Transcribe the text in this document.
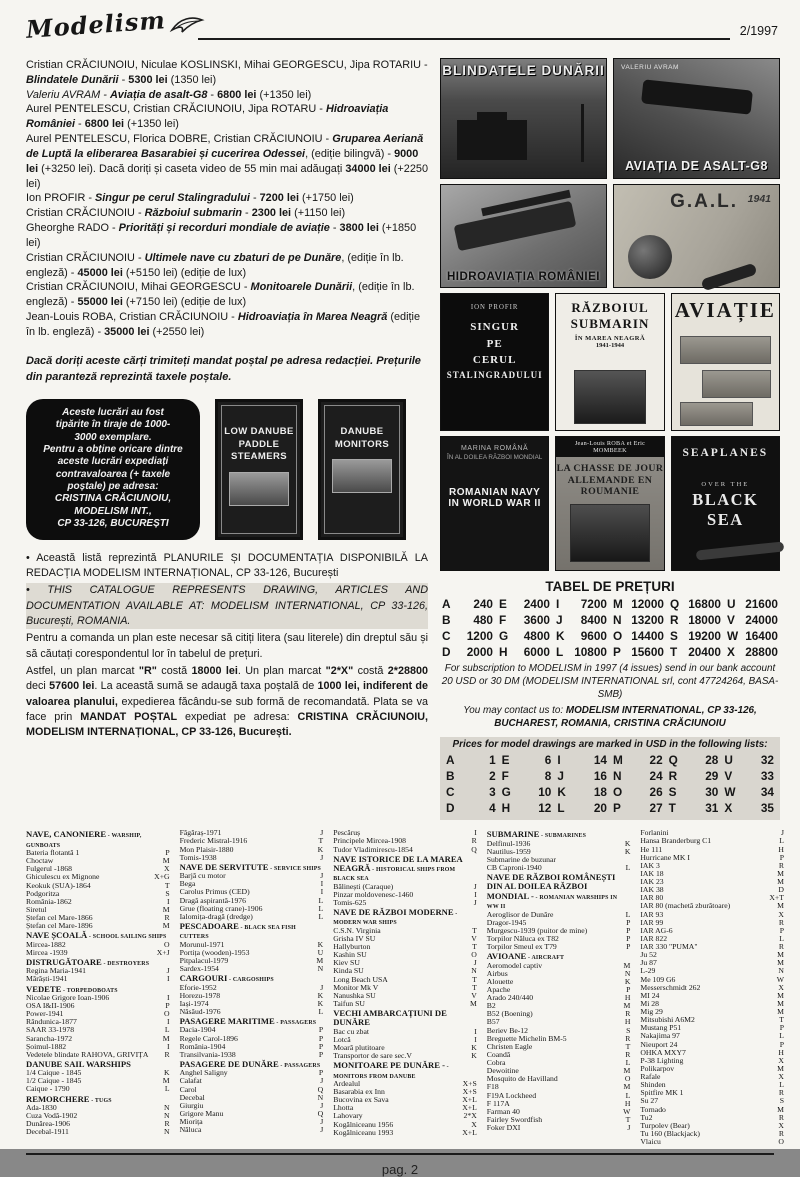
Modelism	2/1997
Cristian CRĂCIUNOIU, Niculae KOSLINSKI, Mihai GEORGESCU, Jipa ROTARIU - Blindatele Dunării - 5300 lei (1350 lei)
Valeriu AVRAM - Aviația de asalt-G8 - 6800 lei (+1350 lei)
Aurel PENTELESCU, Cristian CRĂCIUNOIU, Jipa ROTARU - Hidroaviația României - 6800 lei (+1350 lei)
Aurel PENTELESCU, Florica DOBRE, Cristian CRĂCIUNOIU - Gruparea Aeriană de Luptă la eliberarea Basarabiei și cucerirea Odessei, (ediție bilingvă) - 9000 lei (+3250 lei). Dacă doriți și caseta video de 55 min mai adăugați 34000 lei (+2250 lei)
Ion PROFIR - Singur pe cerul Stalingradului - 7200 lei (+1750 lei)
Cristian CRĂCIUNOIU - Războiul submarin - 2300 lei (+1150 lei)
Gheorghe RADO - Priorități și recorduri mondiale de aviație - 3800 lei (+1850 lei)
Cristian CRĂCIUNOIU - Ultimele nave cu zbaturi de pe Dunăre, (ediție în lb. engleză) - 45000 lei (+5150 lei) (ediție de lux)
Cristian CRĂCIUNOIU, Mihai GEORGESCU - Monitoarele Dunării, (ediție în lb. engleză) - 55000 lei (+7150 lei) (ediție de lux)
Jean-Louis ROBA, Cristian CRĂCIUNOIU - Hidroaviația în Marea Neagră (ediție în lb. engleză) - 35000 lei (+2550 lei)
Dacă doriți aceste cărți trimiteți mandat poștal pe adresa redacției. Prețurile din paranteză reprezintă taxele poștale.
Aceste lucrări au fost
tipărite în tiraje de 1000-
3000 exemplare.
Pentru a obține oricare dintre
aceste lucrări expediați
contravaloarea (+ taxele
poștale) pe adresa:
CRISTINA CRĂCIUNOIU,
MODELISM INT.,
CP 33-126, BUCUREȘTI
LOW DANUBE
PADDLE STEAMERS
DANUBE
MONITORS

• Această listă reprezintă PLANURILE ȘI DOCUMENTAȚIA DISPONIBILĂ LA REDACȚIA MODELISM INTERNAȚIONAL, CP 33-126, București

• THIS CATALOGUE REPRESENTS DRAWING, ARTICLES AND DOCUMENTATION AVAILABLE AT: MODELISM INTERNATIONAL, CP 33-126, București, ROMANIA.

Pentru a comanda un plan este necesar să citiți litera (sau literele) din dreptul său și să căutați corespondentul lor în tabelul de prețuri.

Astfel, un plan marcat "R" costă 18000 lei. Un plan marcat "2*X" costă 2*28800 deci 57600 lei. La această sumă se adaugă taxa poștală de 1000 lei, indiferent de valoarea planului, expedierea făcându-se sub formă de recomandată. Plata se va face prin MANDAT POȘTAL expediat pe adresa: CRISTINA CRĂCIUNOIU, MODELISM INTERNAȚIONAL, CP 33-126, București.

BLINDATELE DUNĂRII	VALERIU AVRAM
AVIAȚIA DE ASALT-G8
HIDROAVIAȚIA ROMÂNIEI
G.A.L. 1941
ION PROFIR
SINGUR
PE
CERUL
STALINGRADULUI
RĂZBOIUL
SUBMARIN
ÎN MAREA NEAGRĂ
1941-1944
AVIAȚIE
MARINA ROMÂNĂ
ÎN AL DOILEA RĂZBOI MONDIAL
ROMANIAN NAVY
IN WORLD WAR II
Jean-Louis ROBA et Eric MOMBEEK
LA CHASSE DE JOUR
ALLEMANDE EN ROUMANIE
SEAPLANES
OVER THE
BLACK SEA
TABEL DE PREȚURI
A 240 E 2400 I 7200 M 12000 Q 16800 U 21600
B 480 F 3600 J 8400 N 13200 R 18000 V 24000
C 1200 G 4800 K 9600 O 14400 S 19200 W 16400
D 2000 H 6000 L 10800 P 15600 T 20400 X 28800
For subscription to MODELISM in 1997 (4 issues) send in our bank account 20 USD or 30 DM (MODELISM INTERNATIONAL srl, cont 47724264, BASA-SMB)
You may contact us to: MODELISM INTERNATIONAL, CP 33-126, BUCHAREST, ROMANIA, CRISTINA CRĂCIUNOIU
Prices for model drawings are marked in USD in the following lists:
A	1 E	6 I	14 M 22 Q 28 U 32
B	2 F	8 J	16 N 24 R 29 V 33
C	3 G 10 K 18 O 26 S 30 W 34
D	4 H 12 L 20 P 27 T 31 X 35
NAVE, CANONIERE - WARSHIP, GUNBOATS
Bateria flotantă 1	P
Choctaw	M
Fulgerul -1868	X
Ghiculescu ex Mignone	X+G
Keokuk (SUA)-1864	T
Podgoritza	S
România-1862	I
Siretul	M
Ștefan cel Mare-1866	R
Ștefan cel Mare-1896	M
NAVE ȘCOALĂ - SCHOOL SAILING SHIPS
Mircea-1882	O
Mircea -1939	X+J
DISTRUGĂTOARE - DESTROYERS
Regina Maria-1941	J
Mărăști-1941	I
VEDETE - TORPEDOBOATS
Nicolae Grigore Ioan-1906	I
OSA I&II-1906	P
Power-1941	O
Rândunica-1877	I
SAAR 33-1978	L
Sarancha-1972	M
Șoimul-1882	I
Vedetele blindate RAHOVA, GRIVIȚA R
DANUBE SAIL WARSHIPS
1/4 Caique - 1845	K
1/2 Caique - 1845	M
Caique - 1790	L
REMORCHERE - TUGS
Ada-1830	N
Cuza Vodă-1902	N
Dunărea-1906	R
Decebal-1911	N
Făgăraș-1971	J
Frederic Mistral-1916	T
Mon Plaisir-1880	K
Tomis-1938	J
NAVE DE SERVITUTE - SERVICE SHIPS
Barjă cu motor	J
Bega	I
Carolus Primus (CED)	I
Dragă aspirantă-1976	L
Grue (floating crane)-1906	L
Ialomița-dragă (dredge)	L
PESCADOARE - BLACK SEA FISH CUTTERS
Morunul-1971	K
Portița (wooden)-1953	U
Pitpalacul-1979	M
Sardex-1954	N
CARGOURI - CARGOSHIPS
Eforie-1952	J
Horezu-1978	K
Iași-1974	K
Năsăud-1976	L
PASAGERE MARITIME - PASSAGERS
Dacia-1904	P
Regele Carol-1896	P
România-1904	P
Transilvania-1938	P
PASAGERE DE DUNĂRE - PASSAGERS
Anghel Saligny	P
Calafat	J
Carol	Q
Decebal	N
Giurgiu	J
Grigore Manu	Q
Miorița	J
Năluca	J
Pescăruș	I
Principele Mircea-1908	R
Tudor Vladimirescu-1854	Q
NAVE ISTORICE DE LA MAREA NEAGRĂ - HISTORICAL SHIPS FROM BLACK SEA
Bălinești (Caraque)	J
Pinzar moldovenesc-1460	I
Tomis-625	J
NAVE DE RĂZBOI MODERNE - MODERN WAR SHIPS
C.S.N. Virginia	T
Grisha IV SU	V
Hallyburton	T
Kashin SU	O
Kiev SU	J
Kinda SU	N
Long Beach USA	T
Monitor Mk V	T
Nanushka SU	V
Taifun SU	M
VECHI AMBARCAȚIUNI DE DUNĂRE
Bac cu zbat	I
Lotcă	I
Moară plutitoare	K
Transportor de sare sec.V	K
MONITOARE PE DUNĂRE - - MONITORS FROM DANUBE
Ardealul	X+S
Basarabia ex Inn	X+S
Bucovina ex Sava	X+L
Lhotta	X+L
Lahovary	2*X
Kogălniceanu 1956	X
Kogălniceanu 1993	X+L
SUBMARINE - SUBMARINES
Delfinul-1936	K
Nautilus-1959	K
Submarine de buzunar
CB Caproni-1940	L
NAVE DE RĂZBOI ROMÂNEȘTI DIN AL DOILEA RĂZBOI MONDIAL - - ROMANIAN WARSHIPS IN WW II
Aeroglisor de Dunăre	L
Dragor-1945	P
Murgescu-1939 (puitor de mine)	P
Torpilor Năluca ex T82	P
Torpilor Smeul ex T79	P
AVIOANE - AIRCRAFT
Aeromodel captiv	M
Airbus	N
Alouette	K
Apache	P
Arado 240/440	H
B2	M
B52 (Boening)	R
B57	H
Beriev Be-12	S
Breguette Michelin BM-5	R
Christen Eagle	T
Coandă	R
Cobra	L
Dewoitine	M
Mosquito de Havilland	O
F18	M
F19A Lockheed	L
F 117A	H
Farman 40	W
Fairley Swordfish	T
Foker DXI	J
Forlanini	J
Hansa Branderburg C1	L
He 111	H
Hurricane MK I	P
IAK 3	R
IAK 18	M
IAK 23	M
IAK 38	D
IAR 80	X+T
IAR 80 (machetă zburătoare)	M
IAR 93	X
IAR 99	R
IAR AG-6	P
IAR 822	L
IAR 330 "PUMA"	R
Ju 52	M
Ju 87	M
L-29	N
Me 109 G6	W
Messerschmidt 262	X
MI 24	M
Mi 28	M
Mig 29	M
Mitsubishi A6M2	T
Mustang P51	P
Nakajima 97	L
Nieuport 24	P
OHKA MXY7	H
P-38 Lighting	X
Polikarpov	M
Rafale	X
Shinden	L
Spitfire MK 1	R
Su 27	S
Tornado	M
Tu2	R
Turpolev (Bear)	X
Tu 160 (Blackjack)	R
Vlaicu	O
pag. 2
